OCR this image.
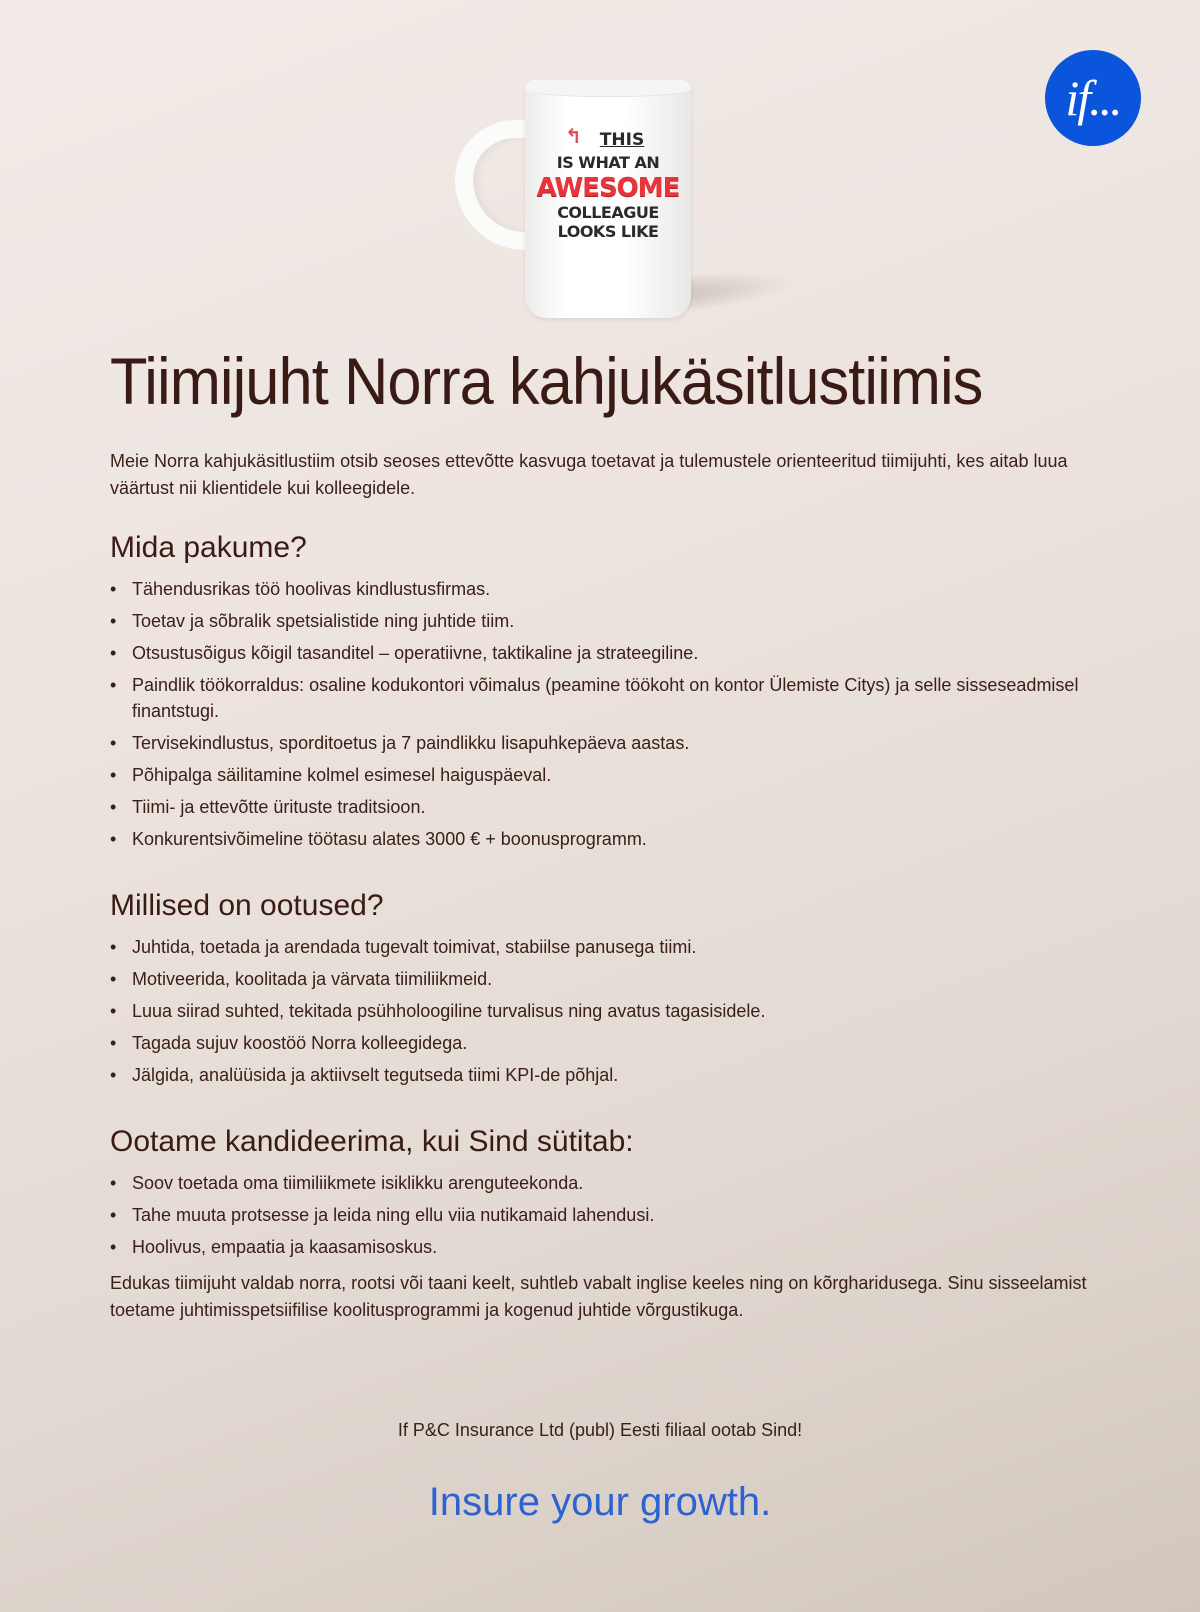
if...
↰ THIS
IS WHAT AN
AWESOME
COLLEAGUE
LOOKS LIKE
Tiimijuht Norra kahjukäsitlustiimis

Meie Norra kahjukäsitlustiim otsib seoses ettevõtte kasvuga toetavat ja tulemustele orienteeritud tiimijuhti, kes aitab luua väärtust nii klientidele kui kolleegidele.

Mida pakume?
• Tähendusrikas töö hoolivas kindlustusfirmas.
• Toetav ja sõbralik spetsialistide ning juhtide tiim.
• Otsustusõigus kõigil tasanditel – operatiivne, taktikaline ja strateegiline.
• Paindlik töökorraldus: osaline kodukontori võimalus (peamine töökoht on kontor Ülemiste Citys) ja selle sisseseadmisel finantstugi.
• Tervisekindlustus, sporditoetus ja 7 paindlikku lisapuhkepäeva aastas.
• Põhipalga säilitamine kolmel esimesel haiguspäeval.
• Tiimi- ja ettevõtte ürituste traditsioon.
• Konkurentsivõimeline töötasu alates 3000 € + boonusprogramm.
Millised on ootused?
• Juhtida, toetada ja arendada tugevalt toimivat, stabiilse panusega tiimi.
• Motiveerida, koolitada ja värvata tiimiliikmeid.
• Luua siirad suhted, tekitada psühholoogiline turvalisus ning avatus tagasisidele.
• Tagada sujuv koostöö Norra kolleegidega.
• Jälgida, analüüsida ja aktiivselt tegutseda tiimi KPI-de põhjal.
Ootame kandideerima, kui Sind sütitab:
• Soov toetada oma tiimiliikmete isiklikku arenguteekonda.
• Tahe muuta protsesse ja leida ning ellu viia nutikamaid lahendusi.
• Hoolivus, empaatia ja kaasamisoskus.

Edukas tiimijuht valdab norra, rootsi või taani keelt, suhtleb vabalt inglise keeles ning on kõrgharidusega. Sinu sisseelamist toetame juhtimisspetsiifilise koolitusprogrammi ja kogenud juhtide võrgustikuga.

If P&C Insurance Ltd (publ) Eesti filiaal ootab Sind!
Insure your growth.
